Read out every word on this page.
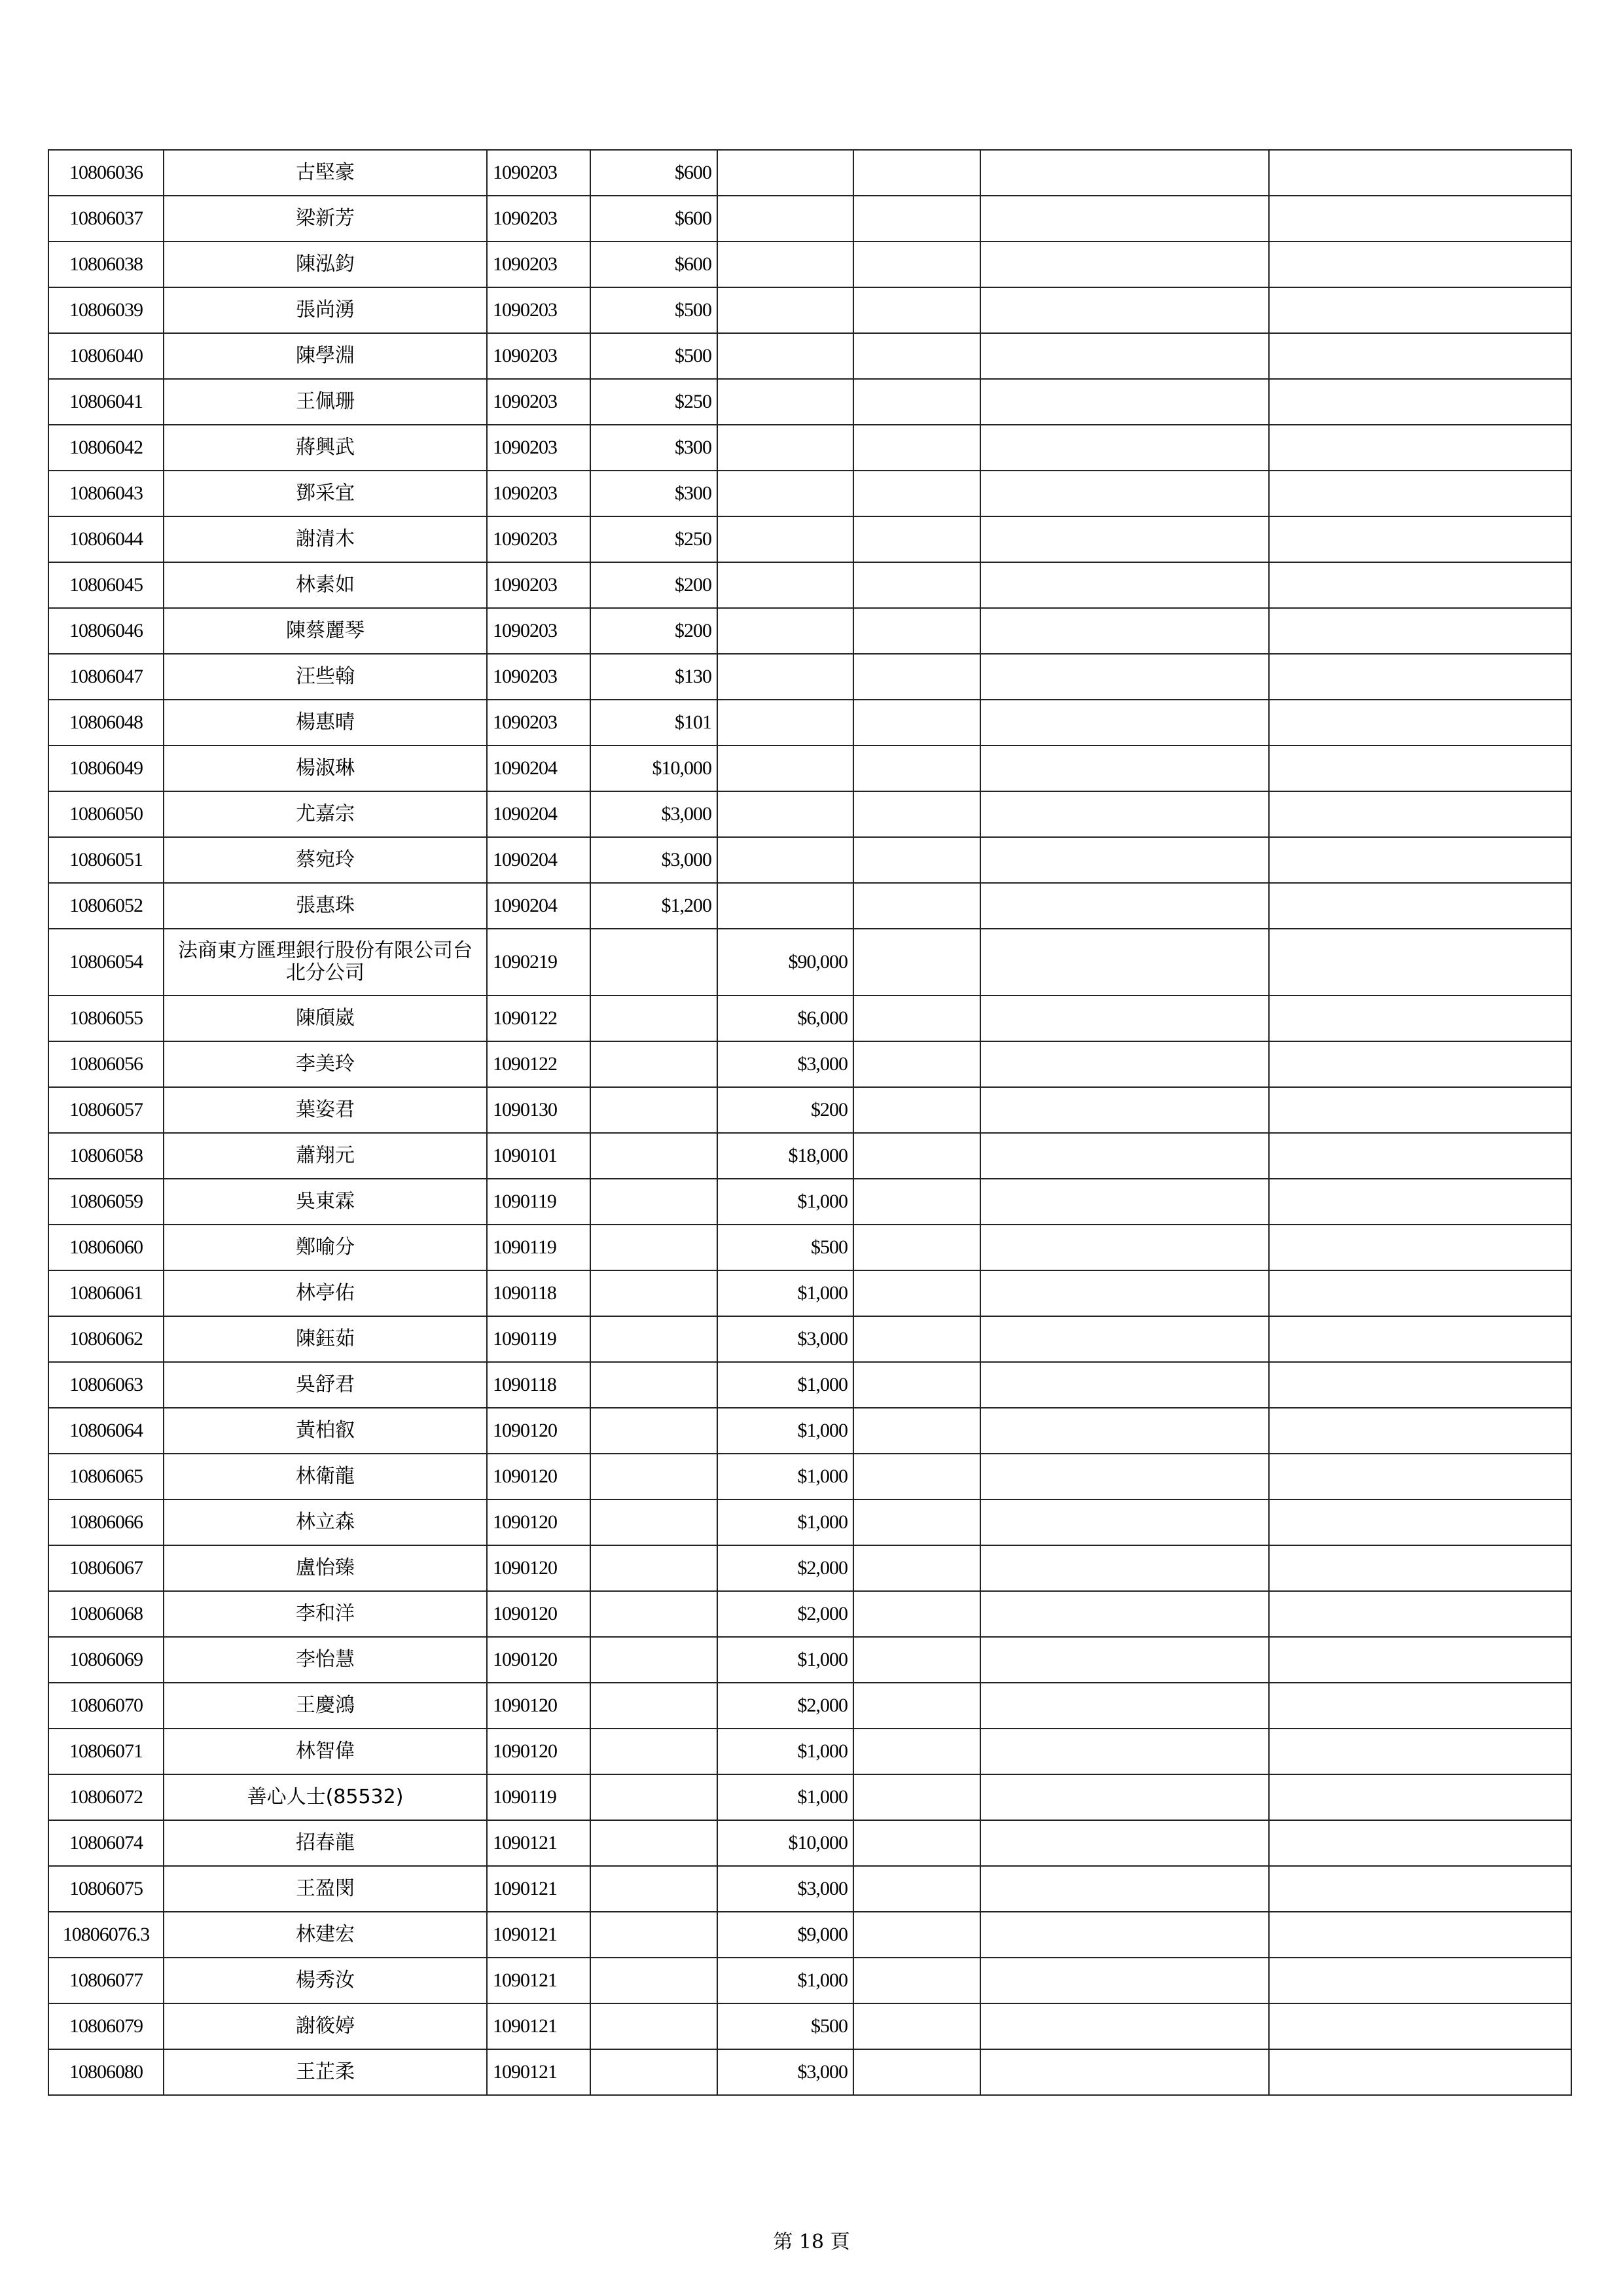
10806036	古堅豪	1090203	$600				
10806037	梁新芳	1090203	$600				
10806038	陳泓鈞	1090203	$600				
10806039	張尚湧	1090203	$500				
10806040	陳學淵	1090203	$500				
10806041	王佩珊	1090203	$250				
10806042	蔣興武	1090203	$300				
10806043	鄧采宜	1090203	$300				
10806044	謝清木	1090203	$250				
10806045	林素如	1090203	$200				
10806046	陳蔡麗琴	1090203	$200				
10806047	汪些翰	1090203	$130				
10806048	楊惠晴	1090203	$101				
10806049	楊淑琳	1090204	$10,000				
10806050	尤嘉宗	1090204	$3,000				
10806051	蔡宛玲	1090204	$3,000				
10806052	張惠珠	1090204	$1,200				
10806054	法商東方匯理銀行股份有限公司台北分公司	1090219		$90,000			
10806055	陳頎崴	1090122		$6,000			
10806056	李美玲	1090122		$3,000			
10806057	葉姿君	1090130		$200			
10806058	蕭翔元	1090101		$18,000			
10806059	吳東霖	1090119		$1,000			
10806060	鄭喻分	1090119		$500			
10806061	林亭佑	1090118		$1,000			
10806062	陳鈺茹	1090119		$3,000			
10806063	吳舒君	1090118		$1,000			
10806064	黃柏叡	1090120		$1,000			
10806065	林衛龍	1090120		$1,000			
10806066	林立森	1090120		$1,000			
10806067	盧怡臻	1090120		$2,000			
10806068	李和洋	1090120		$2,000			
10806069	李怡慧	1090120		$1,000			
10806070	王慶鴻	1090120		$2,000			
10806071	林智偉	1090120		$1,000			
10806072	善心人士(85532)	1090119		$1,000			
10806074	招春龍	1090121		$10,000			
10806075	王盈閔	1090121		$3,000			
10806076.3	林建宏	1090121		$9,000			
10806077	楊秀汝	1090121		$1,000			
10806079	謝筱婷	1090121		$500			
10806080	王芷柔	1090121		$3,000			
第 18 頁
